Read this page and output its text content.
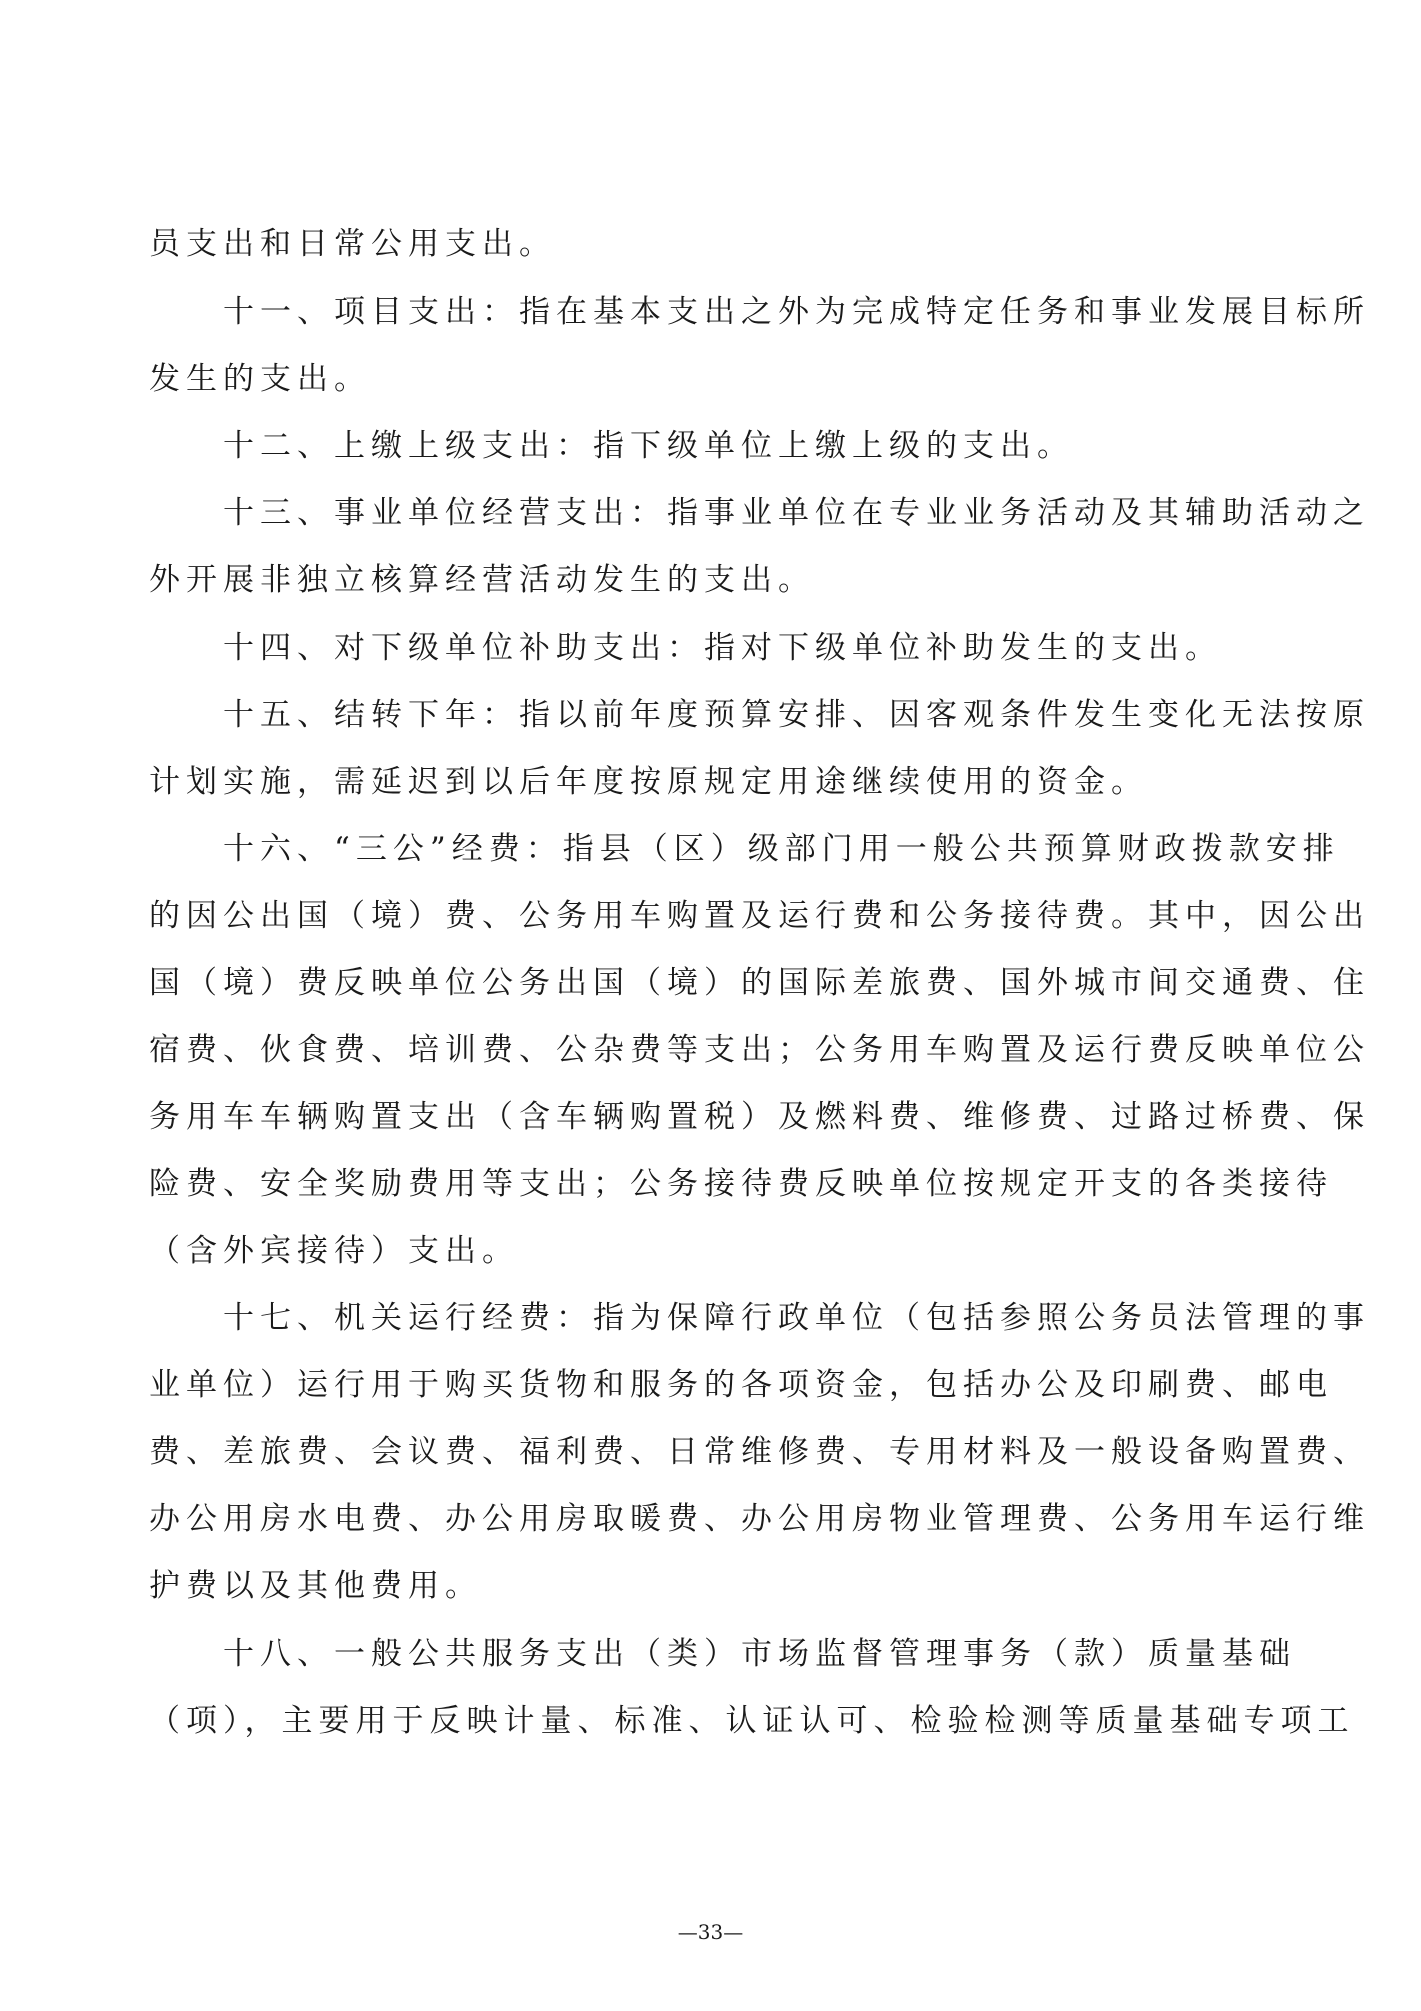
员支出和日常公用支出。
　　十一、项目支出：指在基本支出之外为完成特定任务和事业发展目标所
发生的支出。
　　十二、上缴上级支出：指下级单位上缴上级的支出。
　　十三、事业单位经营支出：指事业单位在专业业务活动及其辅助活动之
外开展非独立核算经营活动发生的支出。
　　十四、对下级单位补助支出：指对下级单位补助发生的支出。
　　十五、结转下年：指以前年度预算安排、因客观条件发生变化无法按原
计划实施，需延迟到以后年度按原规定用途继续使用的资金。
　　十六、“三公”经费：指县（区）级部门用一般公共预算财政拨款安排
的因公出国（境）费、公务用车购置及运行费和公务接待费。其中，因公出
国（境）费反映单位公务出国（境）的国际差旅费、国外城市间交通费、住
宿费、伙食费、培训费、公杂费等支出；公务用车购置及运行费反映单位公
务用车车辆购置支出（含车辆购置税）及燃料费、维修费、过路过桥费、保
险费、安全奖励费用等支出；公务接待费反映单位按规定开支的各类接待
（含外宾接待）支出。
　　十七、机关运行经费：指为保障行政单位（包括参照公务员法管理的事
业单位）运行用于购买货物和服务的各项资金，包括办公及印刷费、邮电
费、差旅费、会议费、福利费、日常维修费、专用材料及一般设备购置费、
办公用房水电费、办公用房取暖费、办公用房物业管理费、公务用车运行维
护费以及其他费用。
　　十八、一般公共服务支出（类）市场监督管理事务（款）质量基础
（项），主要用于反映计量、标准、认证认可、检验检测等质量基础专项工
—33—
